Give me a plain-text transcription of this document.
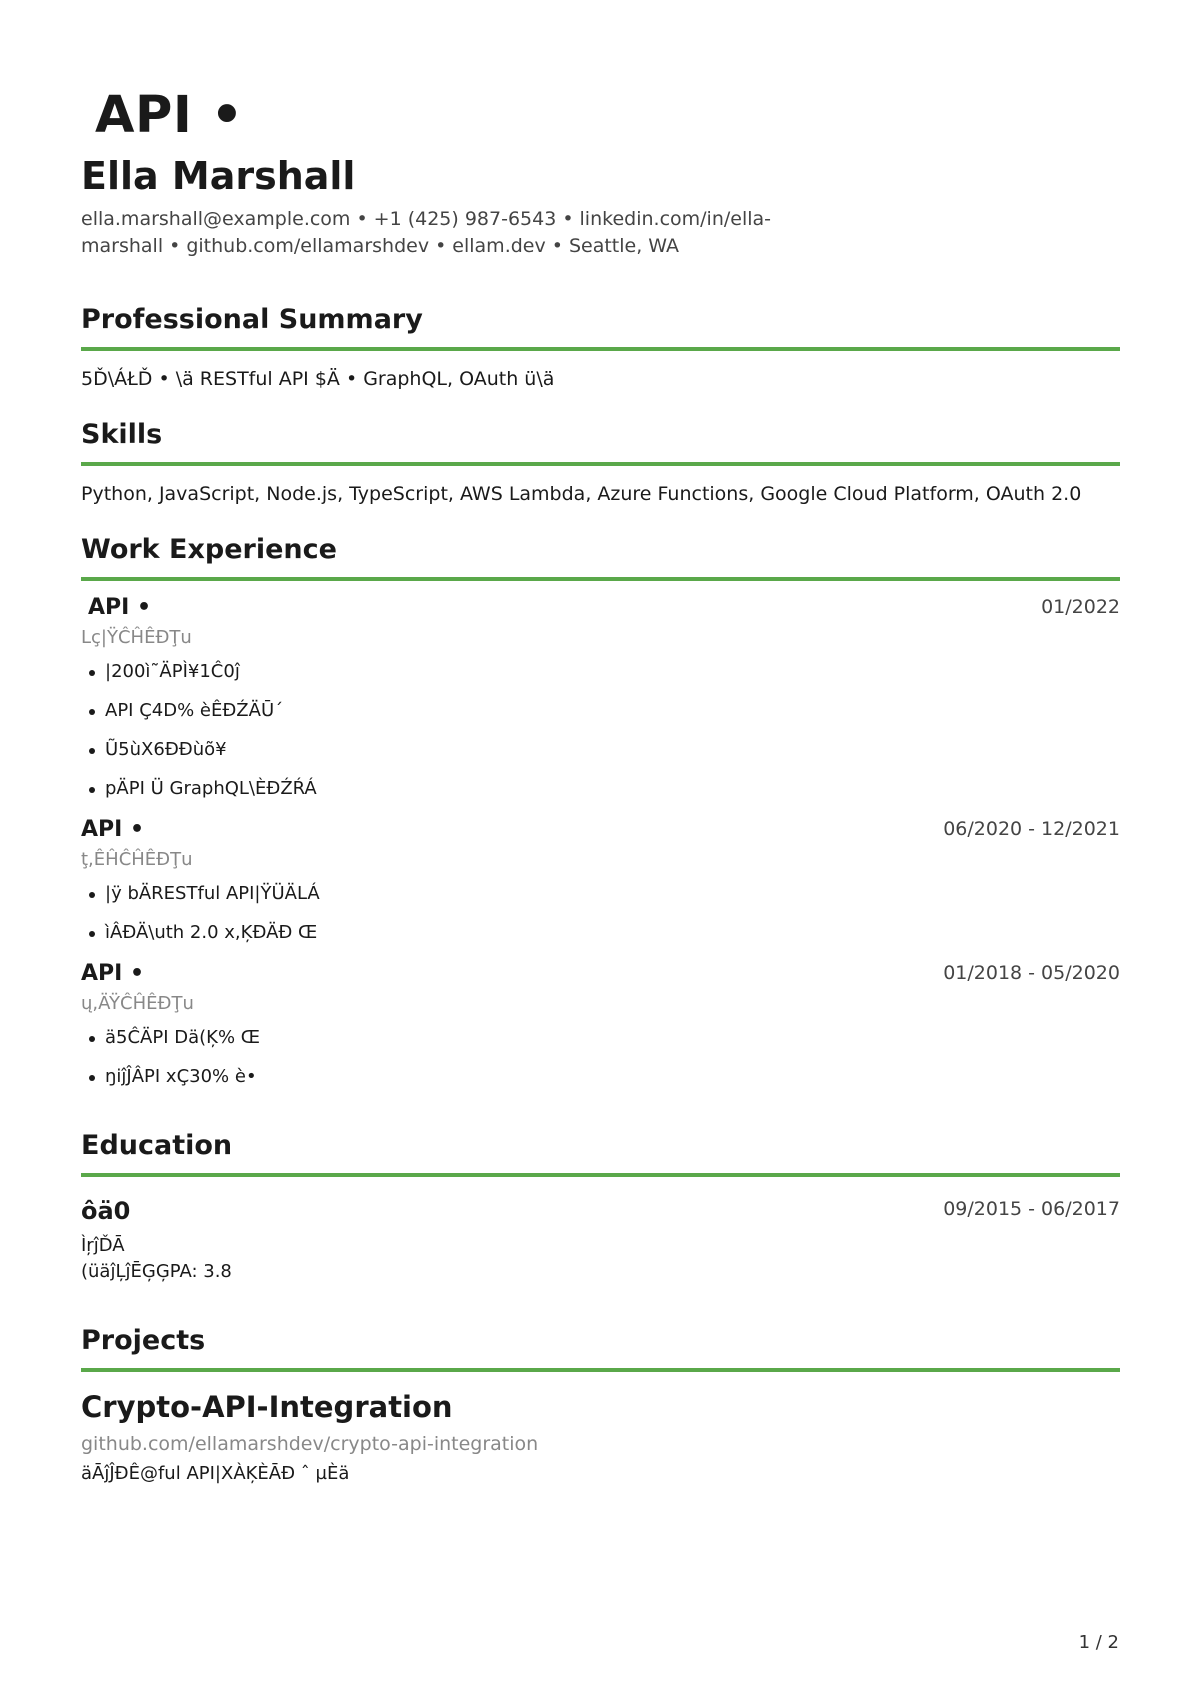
API •
Ella Marshall
ella.marshall@example.com • +1 (425) 987-6543 • linkedin.com/in/ella-marshall • github.com/ellamarshdev • ellam.dev • Seattle, WA
Professional Summary
5Ď\ÁŁĎ • \ä RESTful API $Ä • GraphQL, OAuth ü\ä
Skills
Python, JavaScript, Node.js, TypeScript, AWS Lambda, Azure Functions, Google Cloud Platform, OAuth 2.0
Work Experience
API •	01/2022
Lç|ŸĈĤÊĐŢu
|200ì˜ÄPÌ¥1Ĉ0ĵ
API Ç4D% èÊĐŹÄŪ´
Ũ5ùX6ÐĐùõ¥
pÄPI Ü GraphQL\ÈĐŹŔÁ
API •	06/2020 - 12/2021
ţ,ÊĤĈĤÊĐŢu
|ÿ bÄRESTful API|ŸÜÄLÁ
ìÂĐÄ\uth 2.0 x,ĶĐÄĐ Œ
API •	01/2018 - 05/2020
ų,ÄŸĈĤÊĐŢu
ä5ĈÄPI Dä(Ķ% Œ
ŋiĵĴÂPI xÇ30% è•
Education
ôä0	09/2015 - 06/2017
ÌŗĵĎĀ
(üäĵĻĵĒĢĢPA: 3.8
Projects
Crypto-API-Integration
github.com/ellamarshdev/crypto-api-integration
äĀĵĴĐÊ@ful API|XÀĶÈĀĐ ˆ µÈä
1 / 2
